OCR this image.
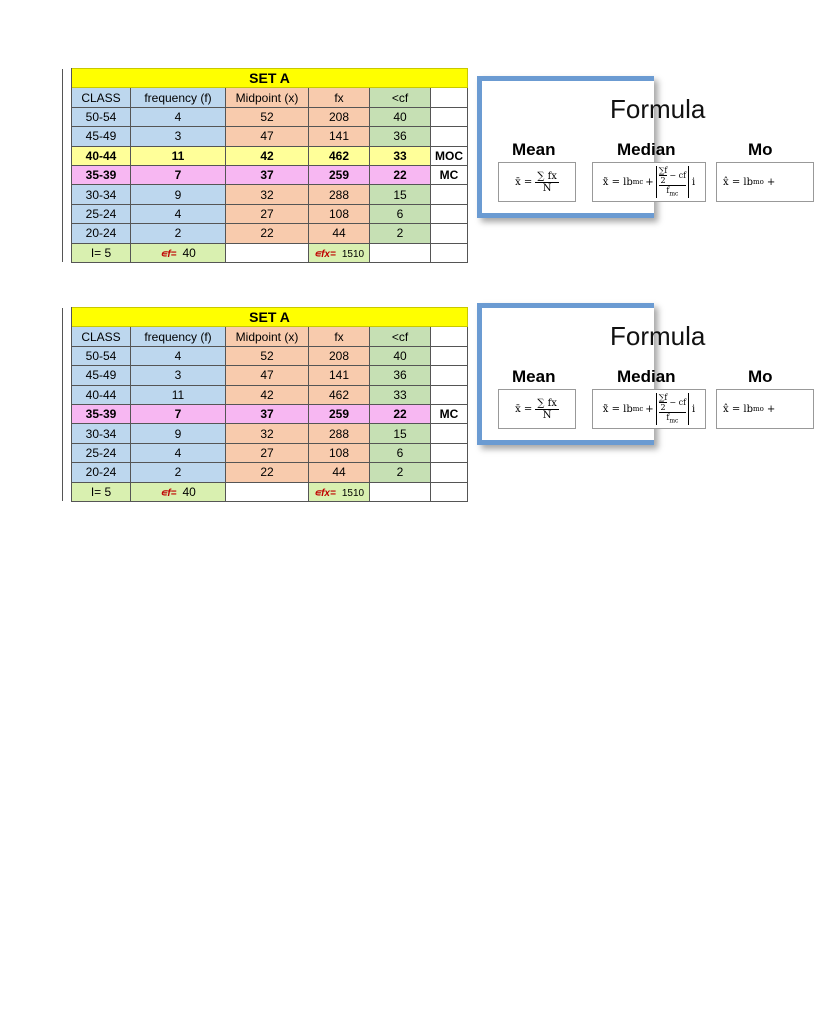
	SET A					
	CLASS	frequency (f)	Midpoint (x)	fx	<cf	
	50-54	4	52	208	40	
	45-49	3	47	141	36	
	40-44	11	42	462	33	MOC
	35-39	7	37	259	22	MC
	30-34	9	32	288	15	
	25-24	4	27	108	6	
	20-24	2	22	44	2	
	I= 5	∊f= 40		∊fx= 1510		
	SET A					
	CLASS	frequency (f)	Midpoint (x)	fx	<cf	
	50-54	4	52	208	40	
	45-49	3	47	141	36	
	40-44	11	42	462	33	
	35-39	7	37	259	22	MC
	30-34	9	32	288	15	
	25-24	4	27	108	6	
	20-24	2	22	44	2	
	I= 5	∊f= 40		∊fx= 1510		
Formula
Mean	Median	Mo
x̄ = $\frac{\sum fx}{N}$	x̃ = lb mc +
∑f
2
− cf
$f_{mc}$
i	x̂ = lb mo +
Formula
Mean	Median	Mo
x̄ = $\frac{\sum fx}{N}$	x̃ = lb mc +
∑f
2
− cf
$f_{mc}$
i	x̂ = lb mo +
